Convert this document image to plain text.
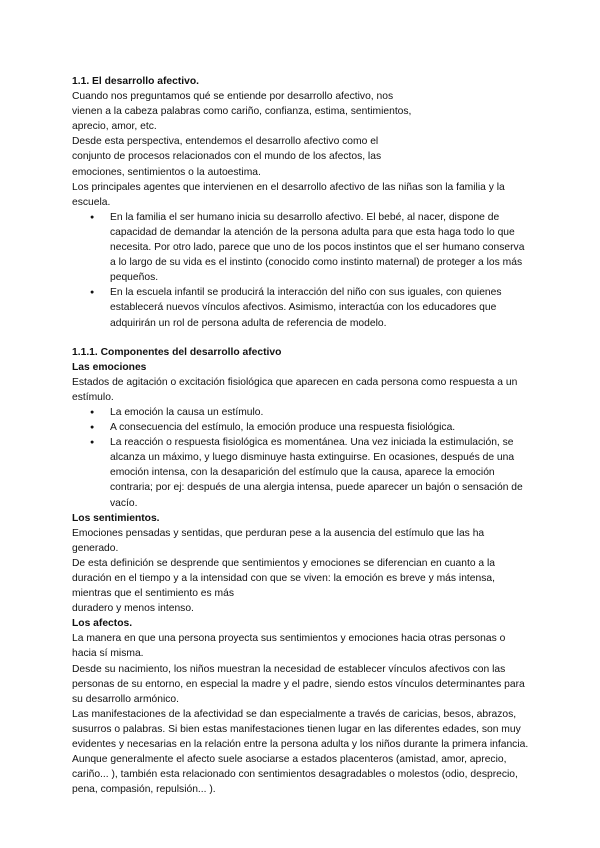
1.1. El desarrollo afectivo.

Cuando nos preguntamos qué se entiende por desarrollo afectivo, nos

vienen a la cabeza palabras como cariño, confianza, estima, sentimientos,

aprecio, amor, etc.

Desde esta perspectiva, entendemos el desarrollo afectivo como el

conjunto de procesos relacionados con el mundo de los afectos, las

emociones, sentimientos o la autoestima.

Los principales agentes que intervienen en el desarrollo afectivo de las niñas son la familia y la escuela.

● En la familia el ser humano inicia su desarrollo afectivo. El bebé, al nacer, dispone de capacidad de demandar la atención de la persona adulta para que esta haga todo lo que necesita. Por otro lado, parece que uno de los pocos instintos que el ser humano conserva a lo largo de su vida es el instinto (conocido como instinto maternal) de proteger a los más pequeños.
● En la escuela infantil se producirá la interacción del niño con sus iguales, con quienes establecerá nuevos vínculos afectivos. Asimismo, interactúa con los educadores que adquirirán un rol de persona adulta de referencia de modelo.

1.1.1. Componentes del desarrollo afectivo

Las emociones

Estados de agitación o excitación fisiológica que aparecen en cada persona como respuesta a un estímulo.

● La emoción la causa un estímulo.
● A consecuencia del estímulo, la emoción produce una respuesta fisiológica.
● La reacción o respuesta fisiológica es momentánea. Una vez iniciada la estimulación, se alcanza un máximo, y luego disminuye hasta extinguirse. En ocasiones, después de una emoción intensa, con la desaparición del estímulo que la causa, aparece la emoción contraria; por ej: después de una alergia intensa, puede aparecer un bajón o sensación de vacío.

Los sentimientos.

Emociones pensadas y sentidas, que perduran pese a la ausencia del estímulo que las ha generado.

De esta definición se desprende que sentimientos y emociones se diferencian en cuanto a la duración en el tiempo y a la intensidad con que se viven: la emoción es breve y más intensa, mientras que el sentimiento es más

duradero y menos intenso.

Los afectos.

La manera en que una persona proyecta sus sentimientos y emociones hacia otras personas o hacia sí misma.

Desde su nacimiento, los niños muestran la necesidad de establecer vínculos afectivos con las personas de su entorno, en especial la madre y el padre, siendo estos vínculos determinantes para su desarrollo armónico.

Las manifestaciones de la afectividad se dan especialmente a través de caricias, besos, abrazos, susurros o palabras. Si bien estas manifestaciones tienen lugar en las diferentes edades, son muy evidentes y necesarias en la relación entre la persona adulta y los niños durante la primera infancia. Aunque generalmente el afecto suele asociarse a estados placenteros (amistad, amor, aprecio, cariño... ), también esta relacionado con sentimientos desagradables o molestos (odio, desprecio, pena, compasión, repulsión... ).
